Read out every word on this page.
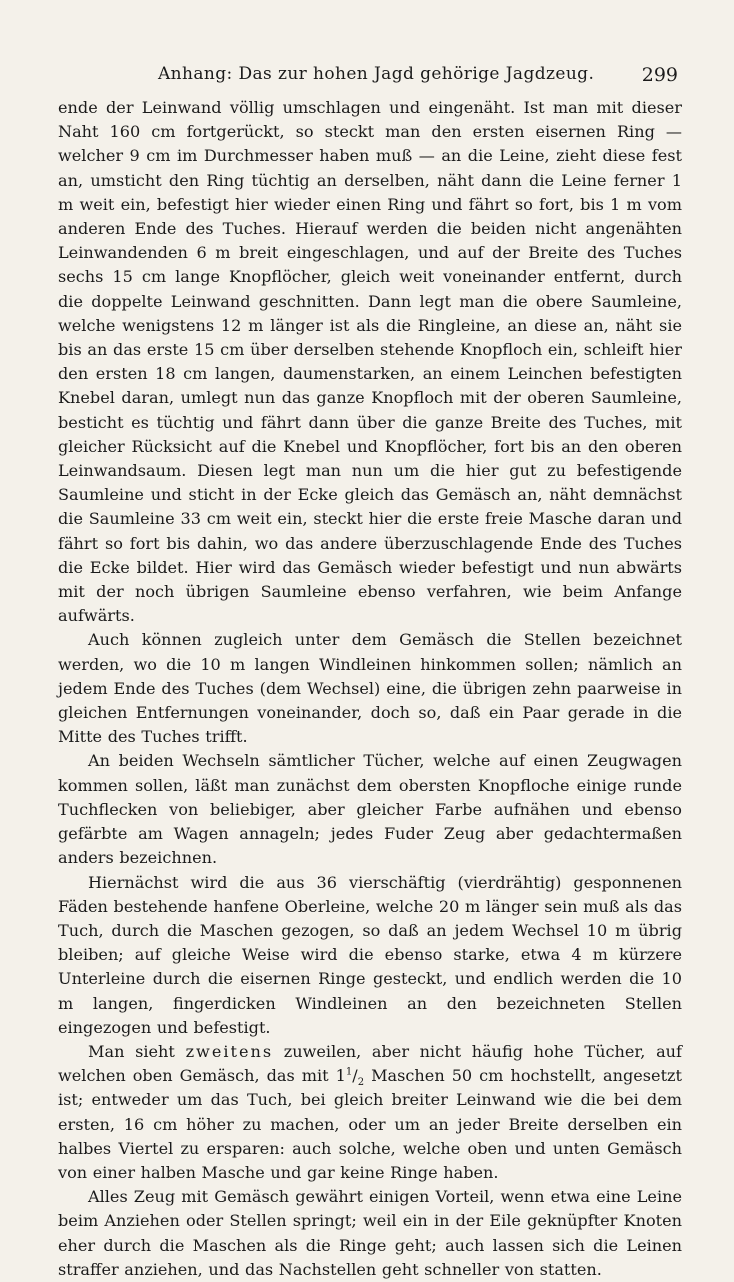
Anhang: Das zur hohen Jagd gehörige Jagdzeug. 299

ende der Leinwand völlig umschlagen und eingenäht. Ist man mit dieser Naht 160 cm fortgerückt, so steckt man den ersten eisernen Ring — welcher 9 cm im Durchmesser haben muß — an die Leine, zieht diese fest an, umsticht den Ring tüchtig an derselben, näht dann die Leine ferner 1 m weit ein, befestigt hier wieder einen Ring und fährt so fort, bis 1 m vom anderen Ende des Tuches. Hierauf werden die beiden nicht angenähten Leinwandenden 6 m breit eingeschlagen, und auf der Breite des Tuches sechs 15 cm lange Knopflöcher, gleich weit voneinander entfernt, durch die doppelte Leinwand geschnitten. Dann legt man die obere Saumleine, welche wenigstens 12 m länger ist als die Ringleine, an diese an, näht sie bis an das erste 15 cm über derselben stehende Knopfloch ein, schleift hier den ersten 18 cm langen, daumenstarken, an einem Leinchen befestigten Knebel daran, umlegt nun das ganze Knopfloch mit der oberen Saumleine, besticht es tüchtig und fährt dann über die ganze Breite des Tuches, mit gleicher Rücksicht auf die Knebel und Knopflöcher, fort bis an den oberen Leinwandsaum. Diesen legt man nun um die hier gut zu befestigende Saumleine und sticht in der Ecke gleich das Gemäsch an, näht demnächst die Saumleine 33 cm weit ein, steckt hier die erste freie Masche daran und fährt so fort bis dahin, wo das andere überzuschlagende Ende des Tuches die Ecke bildet. Hier wird das Gemäsch wieder befestigt und nun abwärts mit der noch übrigen Saumleine ebenso verfahren, wie beim Anfange aufwärts.

Auch können zugleich unter dem Gemäsch die Stellen bezeichnet werden, wo die 10 m langen Windleinen hinkommen sollen; nämlich an jedem Ende des Tuches (dem Wechsel) eine, die übrigen zehn paarweise in gleichen Entfernungen voneinander, doch so, daß ein Paar gerade in die Mitte des Tuches trifft.

An beiden Wechseln sämtlicher Tücher, welche auf einen Zeugwagen kommen sollen, läßt man zunächst dem obersten Knopfloche einige runde Tuchflecken von beliebiger, aber gleicher Farbe aufnähen und ebenso gefärbte am Wagen annageln; jedes Fuder Zeug aber gedachtermaßen anders bezeichnen.

Hiernächst wird die aus 36 vierschäftig (vierdrähtig) gesponnenen Fäden bestehende hanfene Oberleine, welche 20 m länger sein muß als das Tuch, durch die Maschen gezogen, so daß an jedem Wechsel 10 m übrig bleiben; auf gleiche Weise wird die ebenso starke, etwa 4 m kürzere Unterleine durch die eisernen Ringe gesteckt, und endlich werden die 10 m langen, fingerdicken Windleinen an den bezeichneten Stellen eingezogen und befestigt.

Man sieht zweitens zuweilen, aber nicht häufig hohe Tücher, auf welchen oben Gemäsch, das mit $1^1/_2$ Maschen 50 cm hochstellt, angesetzt ist; entweder um das Tuch, bei gleich breiter Leinwand wie die bei dem ersten, 16 cm höher zu machen, oder um an jeder Breite derselben ein halbes Viertel zu ersparen: auch solche, welche oben und unten Gemäsch von einer halben Masche und gar keine Ringe haben.

Alles Zeug mit Gemäsch gewährt einigen Vorteil, wenn etwa eine Leine beim Anziehen oder Stellen springt; weil ein in der Eile geknüpfter Knoten eher durch die Maschen als die Ringe geht; auch lassen sich die Leinen straffer anziehen, und das Nachstellen geht schneller von statten.
